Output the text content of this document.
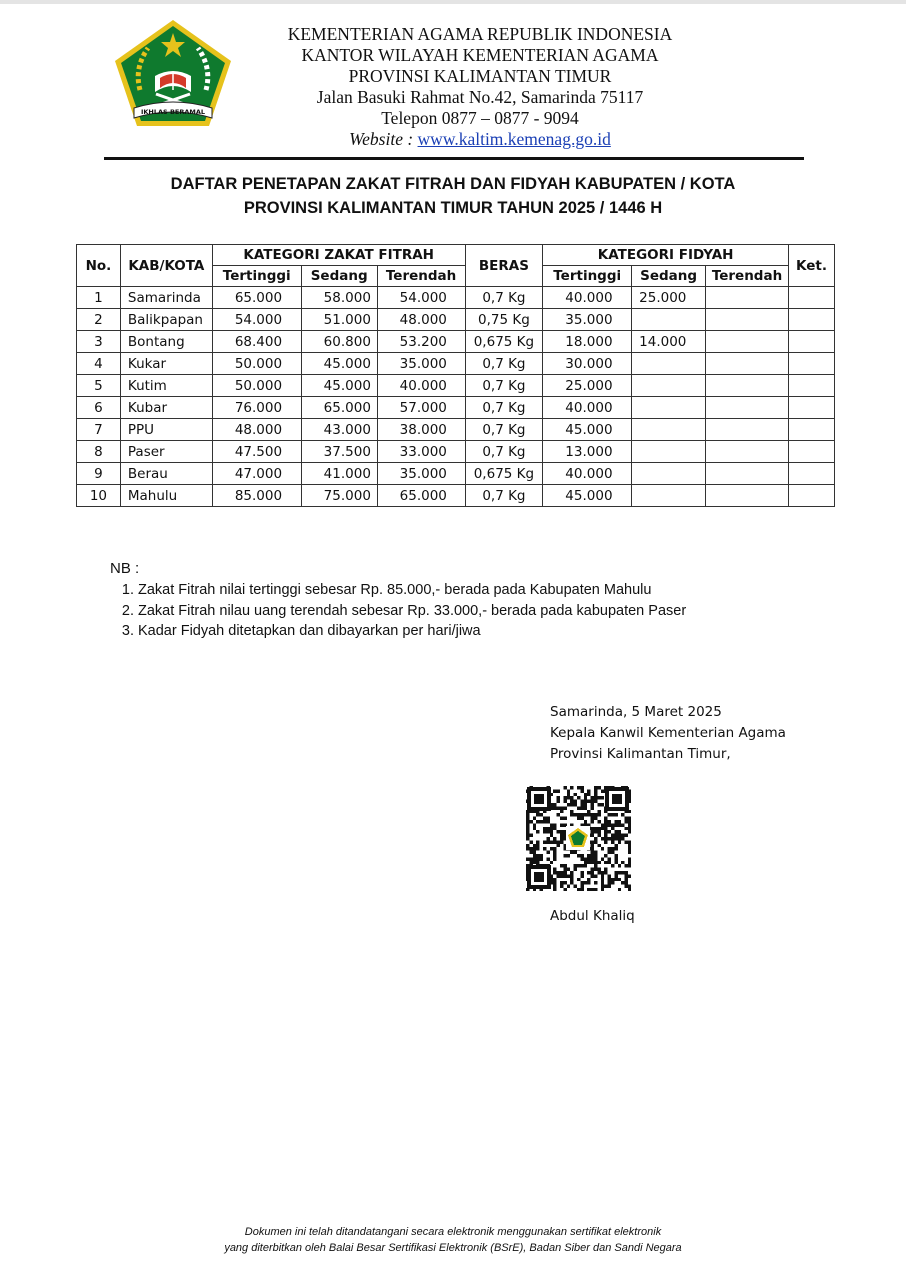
IKHLAS BERAMAL
KEMENTERIAN AGAMA REPUBLIK INDONESIA
KANTOR WILAYAH KEMENTERIAN AGAMA
PROVINSI KALIMANTAN TIMUR
Jalan Basuki Rahmat No.42, Samarinda 75117
Telepon 0877 – 0877 - 9094
Website : www.kaltim.kemenag.go.id
DAFTAR PENETAPAN ZAKAT FITRAH DAN FIDYAH KABUPATEN / KOTA
PROVINSI KALIMANTAN TIMUR TAHUN 2025 / 1446 H
No.	KAB/KOTA	KATEGORI ZAKAT FITRAH			BERAS	KATEGORI FIDYAH			Ket.
		Tertinggi	Sedang	Terendah		Tertinggi	Sedang	Terendah	
1	Samarinda	65.000	58.000	54.000	0,7 Kg	40.000	25.000		
2	Balikpapan	54.000	51.000	48.000	0,75 Kg	35.000			
3	Bontang	68.400	60.800	53.200	0,675 Kg	18.000	14.000		
4	Kukar	50.000	45.000	35.000	0,7 Kg	30.000			
5	Kutim	50.000	45.000	40.000	0,7 Kg	25.000			
6	Kubar	76.000	65.000	57.000	0,7 Kg	40.000			
7	PPU	48.000	43.000	38.000	0,7 Kg	45.000			
8	Paser	47.500	37.500	33.000	0,7 Kg	13.000			
9	Berau	47.000	41.000	35.000	0,675 Kg	40.000			
10	Mahulu	85.000	75.000	65.000	0,7 Kg	45.000			
NB :
1. Zakat Fitrah nilai tertinggi sebesar Rp. 85.000,- berada pada Kabupaten Mahulu
2. Zakat Fitrah nilau uang terendah sebesar Rp. 33.000,- berada pada kabupaten Paser
3. Kadar Fidyah ditetapkan dan dibayarkan per hari/jiwa
Samarinda, 5 Maret 2025
Kepala Kanwil Kementerian Agama
Provinsi Kalimantan Timur,
Abdul Khaliq
Dokumen ini telah ditandatangani secara elektronik menggunakan sertifikat elektronik
yang diterbitkan oleh Balai Besar Sertifikasi Elektronik (BSrE), Badan Siber dan Sandi Negara
